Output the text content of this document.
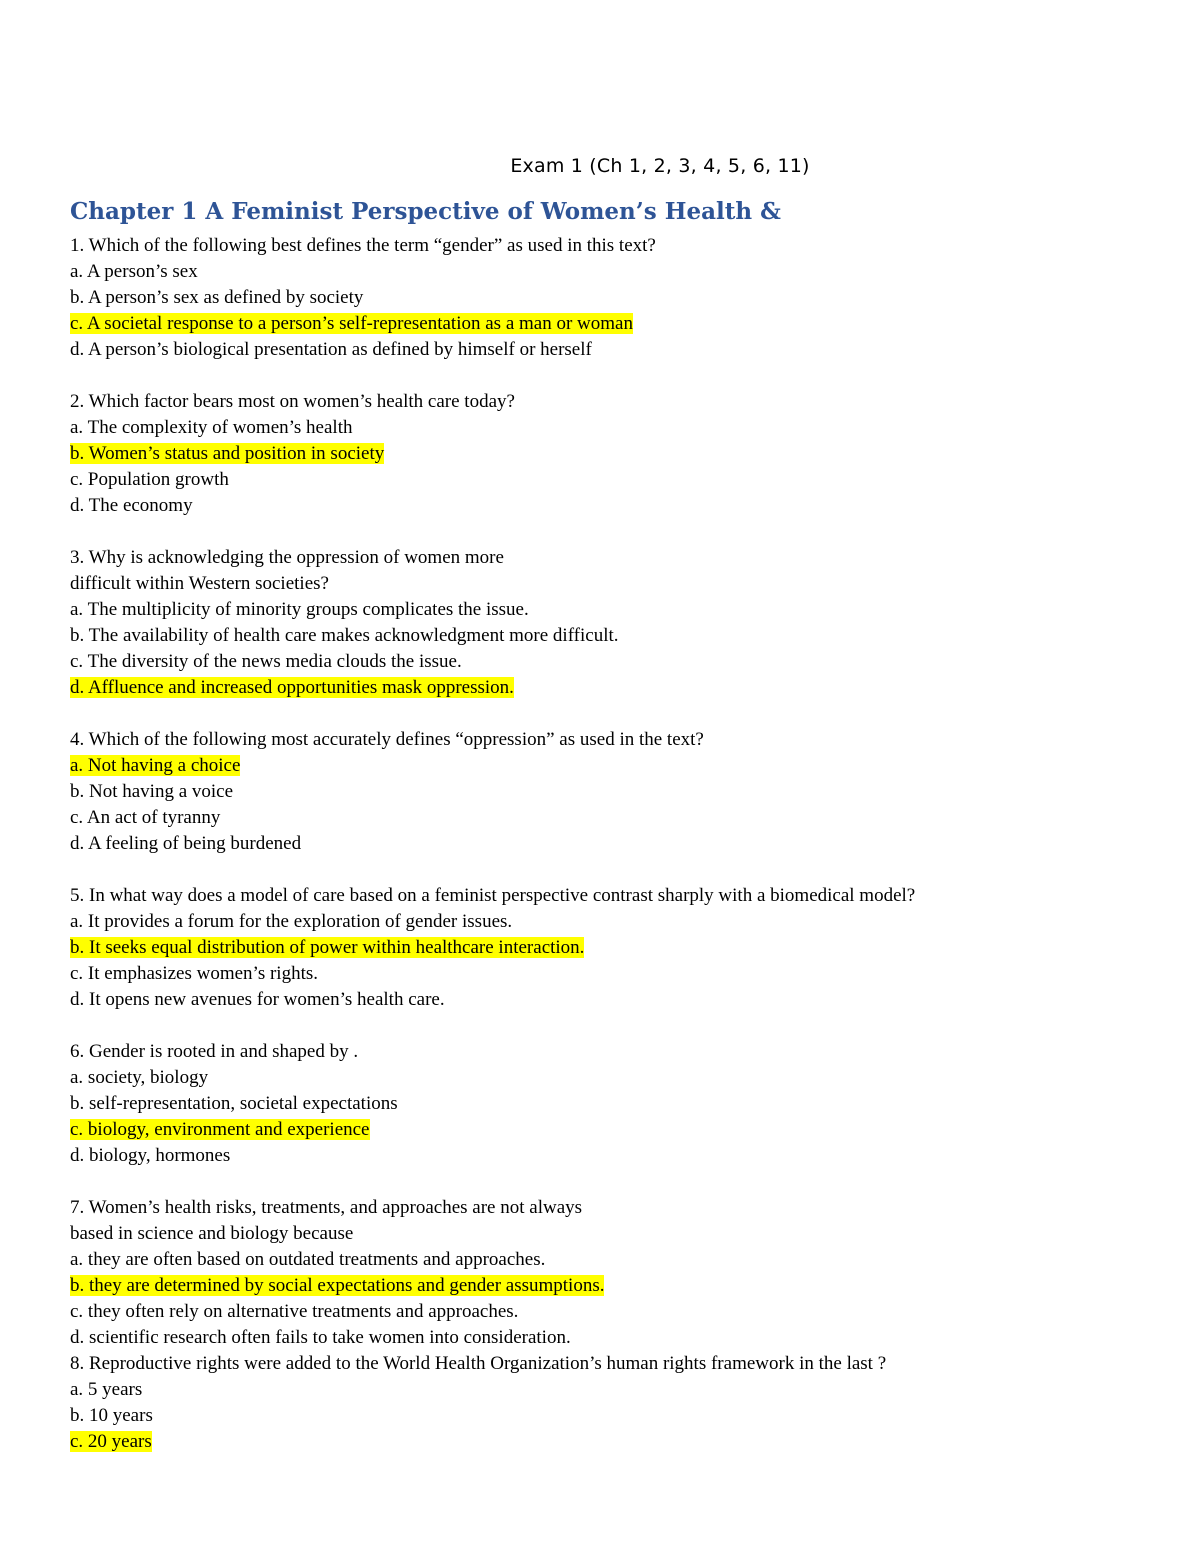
Exam 1 (Ch 1, 2, 3, 4, 5, 6, 11)
Chapter 1 A Feminist Perspective of Women’s Health &
1. Which of the following best defines the term “gender” as used in this text?
a. A person’s sex
b. A person’s sex as defined by society
c. A societal response to a person’s self-representation as a man or woman
d. A person’s biological presentation as defined by himself or herself
2. Which factor bears most on women’s health care today?
a. The complexity of women’s health
b. Women’s status and position in society
c. Population growth
d. The economy
3. Why is acknowledging the oppression of women more
difficult within Western societies?
a. The multiplicity of minority groups complicates the issue.
b. The availability of health care makes acknowledgment more difficult.
c. The diversity of the news media clouds the issue.
d. Affluence and increased opportunities mask oppression.
4. Which of the following most accurately defines “oppression” as used in the text?
a. Not having a choice
b. Not having a voice
c. An act of tyranny
d. A feeling of being burdened
5. In what way does a model of care based on a feminist perspective contrast sharply with a biomedical model?
a. It provides a forum for the exploration of gender issues.
b. It seeks equal distribution of power within healthcare interaction.
c. It emphasizes women’s rights.
d. It opens new avenues for women’s health care.
6. Gender is rooted in and shaped by .
a. society, biology
b. self-representation, societal expectations
c. biology, environment and experience
d. biology, hormones
7. Women’s health risks, treatments, and approaches are not always
based in science and biology because
a. they are often based on outdated treatments and approaches.
b. they are determined by social expectations and gender assumptions.
c. they often rely on alternative treatments and approaches.
d. scientific research often fails to take women into consideration.
8. Reproductive rights were added to the World Health Organization’s human rights framework in the last ?
a. 5 years
b. 10 years
c. 20 years
